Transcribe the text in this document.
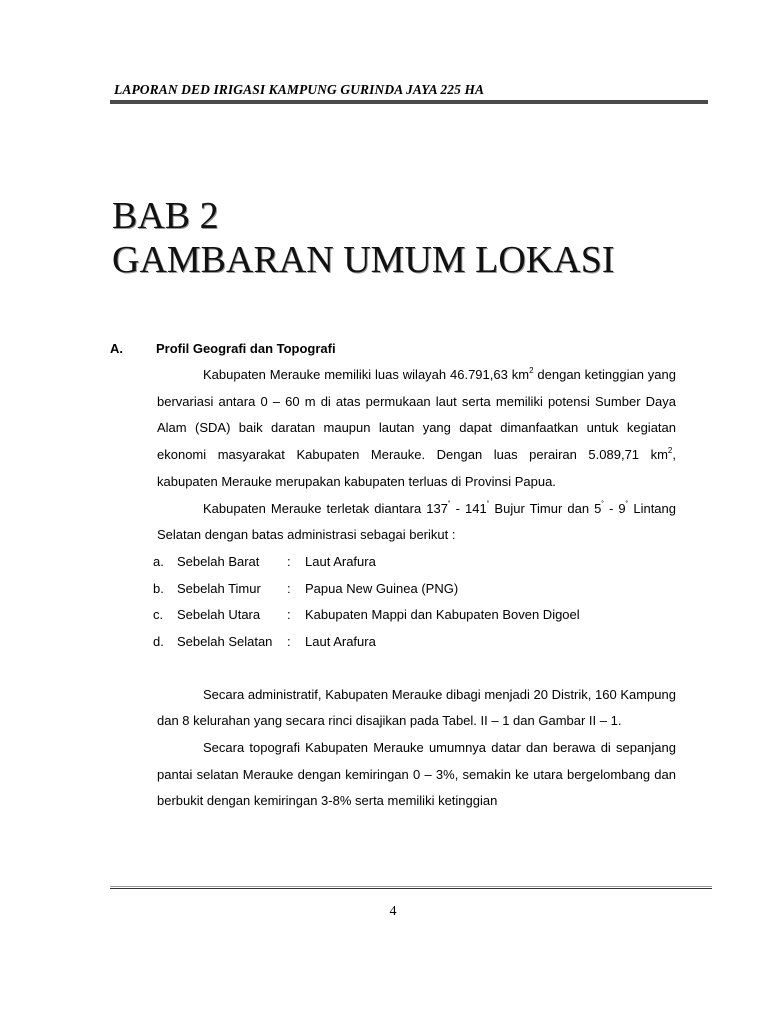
LAPORAN DED IRIGASI KAMPUNG GURINDA JAYA 225 HA
BAB 2
GAMBARAN UMUM LOKASI
A.	Profil Geografi dan Topografi

Kabupaten Merauke memiliki luas wilayah 46.791,63 $km^2$ dengan ketinggian yang bervariasi antara 0 – 60 m di atas permukaan laut serta memiliki potensi Sumber Daya Alam (SDA) baik daratan maupun lautan yang dapat dimanfaatkan untuk kegiatan ekonomi masyarakat Kabupaten Merauke. Dengan luas perairan 5.089,71 $km^2$, kabupaten Merauke merupakan kabupaten terluas di Provinsi Papua.

Kabupaten Merauke terletak diantara 137˚ - 141˚ Bujur Timur dan 5˚ - 9˚ Lintang Selatan dengan batas administrasi sebagai berikut :

a.	Sebelah Barat	:	Laut Arafura
b.	Sebelah Timur	:	Papua New Guinea (PNG)
c.	Sebelah Utara	:	Kabupaten Mappi dan Kabupaten Boven Digoel
d.	Sebelah Selatan	:	Laut Arafura

Secara administratif, Kabupaten Merauke dibagi menjadi 20 Distrik, 160 Kampung dan 8 kelurahan yang secara rinci disajikan pada Tabel. II – 1 dan Gambar II – 1.

Secara topografi Kabupaten Merauke umumnya datar dan berawa di sepanjang pantai selatan Merauke dengan kemiringan 0 – 3%, semakin ke utara bergelombang dan berbukit dengan kemiringan 3-8% serta memiliki ketinggian

4
